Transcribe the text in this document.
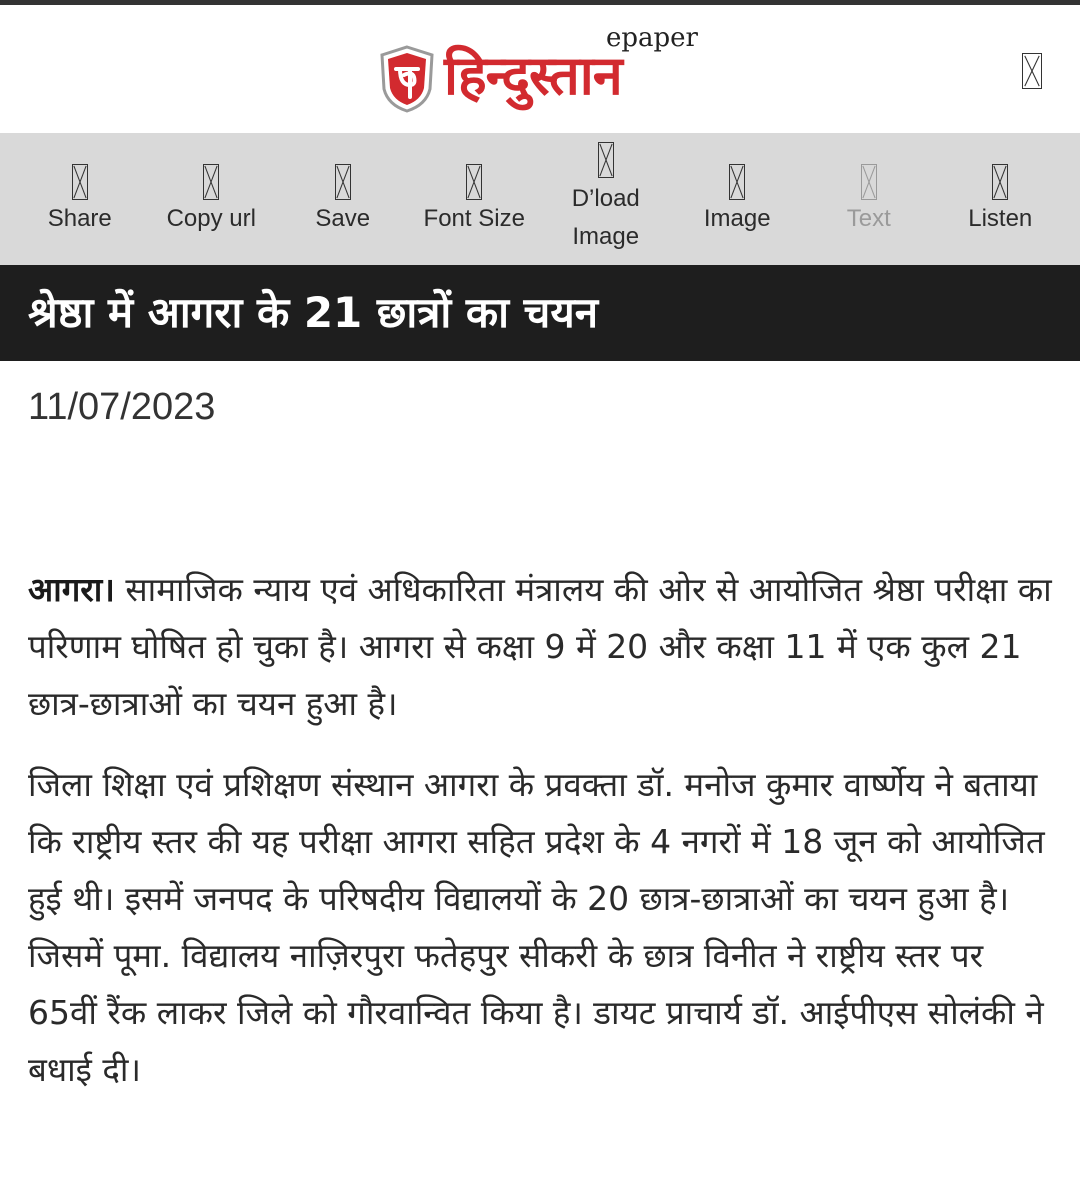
epaper
हिन्दुस्तान
Share Copy url Save Font Size
D’load
Image
Image	Text	Listen
श्रेष्ठा में आगरा के 21 छात्रों का चयन
11/07/2023

आगरा। सामाजिक न्याय एवं अधिकारिता मंत्रालय की ओर से आयोजित श्रेष्ठा परीक्षा का परिणाम घोषित हो चुका है। आगरा से कक्षा 9 में 20 और कक्षा 11 में एक कुल 21 छात्र-छात्राओं का चयन हुआ है।

जिला शिक्षा एवं प्रशिक्षण संस्थान आगरा के प्रवक्ता डॉ. मनोज कुमार वार्ष्णेय ने बताया कि राष्ट्रीय स्तर की यह परीक्षा आगरा सहित प्रदेश के 4 नगरों में 18 जून को आयोजित हुई थी। इसमें जनपद के परिषदीय विद्यालयों के 20 छात्र-छात्राओं का चयन हुआ है। जिसमें पूमा. विद्यालय नाज़िरपुरा फतेहपुर सीकरी के छात्र विनीत ने राष्ट्रीय स्तर पर 65वीं रैंक लाकर जिले को गौरवान्वित किया है। डायट प्राचार्य डॉ. आईपीएस सोलंकी ने बधाई दी।
